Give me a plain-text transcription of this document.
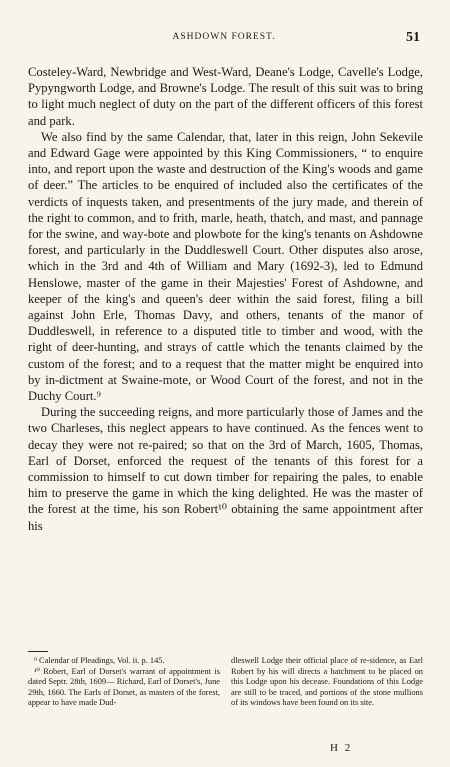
ASHDOWN FOREST.	51

Costeley-Ward, Newbridge and West-Ward, Deane's Lodge, Cavelle's Lodge, Pypyngworth Lodge, and Browne's Lodge. The result of this suit was to bring to light much neglect of duty on the part of the different officers of this forest and park.

We also find by the same Calendar, that, later in this reign, John Sekevile and Edward Gage were appointed by this King Commissioners, “ to enquire into, and report upon the waste and destruction of the King's woods and game of deer.” The articles to be enquired of included also the certificates of the verdicts of inquests taken, and presentments of the jury made, and therein of the right to common, and to frith, marle, heath, thatch, and mast, and pannage for the swine, and way-bote and plowbote for the king's tenants on Ashdowne forest, and particularly in the Duddleswell Court. Other disputes also arose, which in the 3rd and 4th of William and Mary (1692-3), led to Edmund Henslowe, master of the game in their Majesties' Forest of Ashdowne, and keeper of the king's and queen's deer within the said forest, filing a bill against John Erle, Thomas Davy, and others, tenants of the manor of Duddleswell, in reference to a disputed title to timber and wood, with the right of deer-hunting, and strays of cattle which the tenants claimed by the custom of the forest; and to a request that the matter might be enquired into by in-dictment at Swaine-mote, or Wood Court of the forest, and not in the Duchy Court.⁹

During the succeeding reigns, and more particularly those of James and the two Charleses, this neglect appears to have continued. As the fences went to decay they were not re-paired; so that on the 3rd of March, 1605, Thomas, Earl of Dorset, enforced the request of the tenants of this forest for a commission to himself to cut down timber for repairing the pales, to enable him to preserve the game in which the king delighted. He was the master of the forest at the time, his son Robert¹⁰ obtaining the same appointment after his

⁹ Calendar of Pleadings, Vol. ii. p. 145.

¹⁰ Robert, Earl of Dorset's warrant of appointment is dated Septr. 28th, 1609— Richard, Earl of Dorset's, June 29th, 1660. The Earls of Dorset, as masters of the forest, appear to have made Dud-

dleswell Lodge their official place of re-sidence, as Earl Robert by his will directs a hatchment to be placed on this Lodge upon his decease. Foundations of this Lodge are still to be traced, and portions of the stone mullions of its windows have been found on its site.

H 2
